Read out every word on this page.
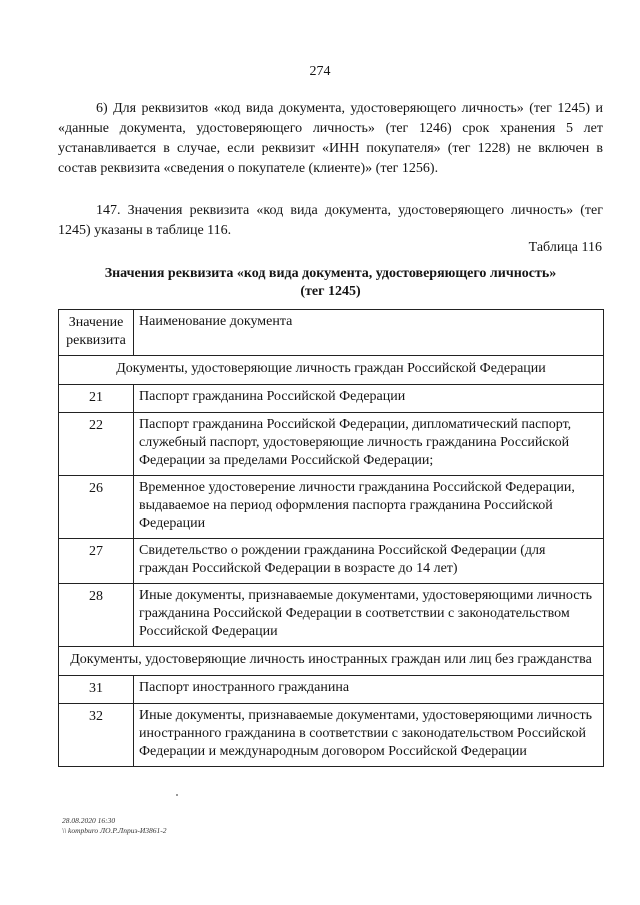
274
6) Для реквизитов «код вида документа, удостоверяющего личность» (тег 1245) и «данные документа, удостоверяющего личность» (тег 1246) срок хранения 5 лет устанавливается в случае, если реквизит «ИНН покупателя» (тег 1228) не включен в состав реквизита «сведения о покупателе (клиенте)» (тег 1256).
147. Значения реквизита «код вида документа, удостоверяющего личность» (тег 1245) указаны в таблице 116.
Таблица 116
Значения реквизита «код вида документа, удостоверяющего личность»
(тег 1245)
Значение реквизита	Наименование документа
Документы, удостоверяющие личность граждан Российской Федерации	
21	Паспорт гражданина Российской Федерации
22	Паспорт гражданина Российской Федерации, дипломатический паспорт, служебный паспорт, удостоверяющие личность гражданина Российской Федерации за пределами Российской Федерации;
26	Временное удостоверение личности гражданина Российской Федерации, выдаваемое на период оформления паспорта гражданина Российской Федерации
27	Свидетельство о рождении гражданина Российской Федерации (для граждан Российской Федерации в возрасте до 14 лет)
28	Иные документы, признаваемые документами, удостоверяющими личность гражданина Российской Федерации в соответствии с законодательством Российской Федерации
Документы, удостоверяющие личность иностранных граждан или лиц без гражданства	
31	Паспорт иностранного гражданина
32	Иные документы, признаваемые документами, удостоверяющими личность иностранного гражданина в соответствии с законодательством Российской Федерации и международным договором Российской Федерации
28.08.2020 16:30
\\ kompburo ЛО.Р.Лприз-И3861-2
